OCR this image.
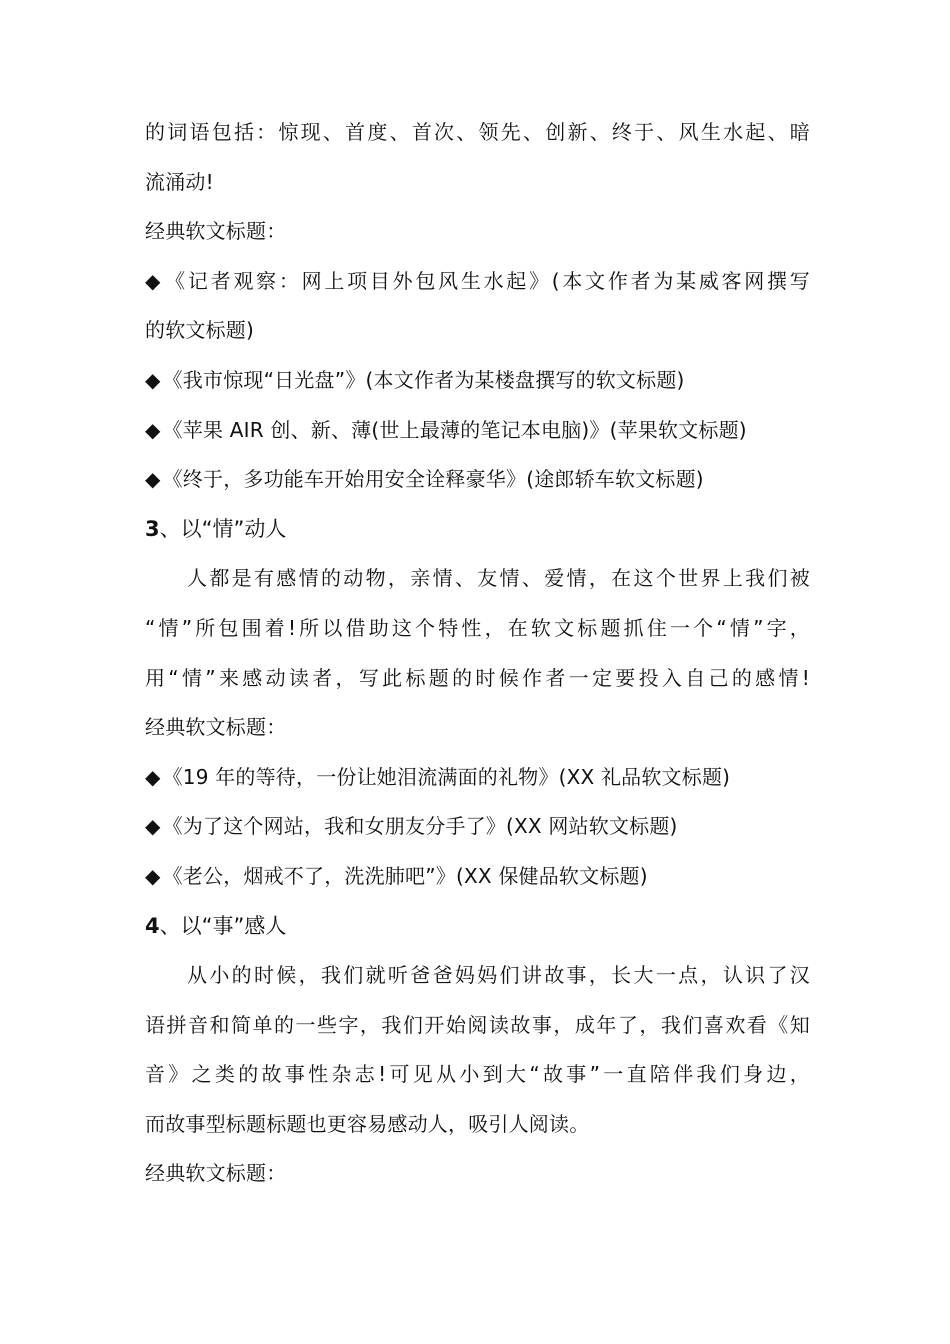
的词语包括：惊现、首度、首次、领先、创新、终于、风生水起、暗
流涌动!
经典软文标题：
◆ 《记者观察：网上项目外包风生水起》(本文作者为某威客网撰写
的软文标题)
◆ 《我市惊现“日光盘”》(本文作者为某楼盘撰写的软文标题)
◆ 《苹果 AIR 创、新、薄(世上最薄的笔记本电脑)》(苹果软文标题)
◆ 《终于，多功能车开始用安全诠释豪华》(途郎轿车软文标题)
3、以“情”动人
人都是有感情的动物，亲情、友情、爱情，在这个世界上我们被
“情”所包围着!所以借助这个特性，在软文标题抓住一个“情”字，
用“情”来感动读者，写此标题的时候作者一定要投入自己的感情!
经典软文标题：
◆ 《19 年的等待，一份让她泪流满面的礼物》(XX 礼品软文标题)
◆ 《为了这个网站，我和女朋友分手了》(XX 网站软文标题)
◆ 《老公，烟戒不了，洗洗肺吧”》(XX 保健品软文标题)
4、以“事”感人
从小的时候，我们就听爸爸妈妈们讲故事，长大一点，认识了汉
语拼音和简单的一些字，我们开始阅读故事，成年了，我们喜欢看《知
音》之类的故事性杂志!可见从小到大“故事”一直陪伴我们身边，
而故事型标题标题也更容易感动人，吸引人阅读。
经典软文标题：
